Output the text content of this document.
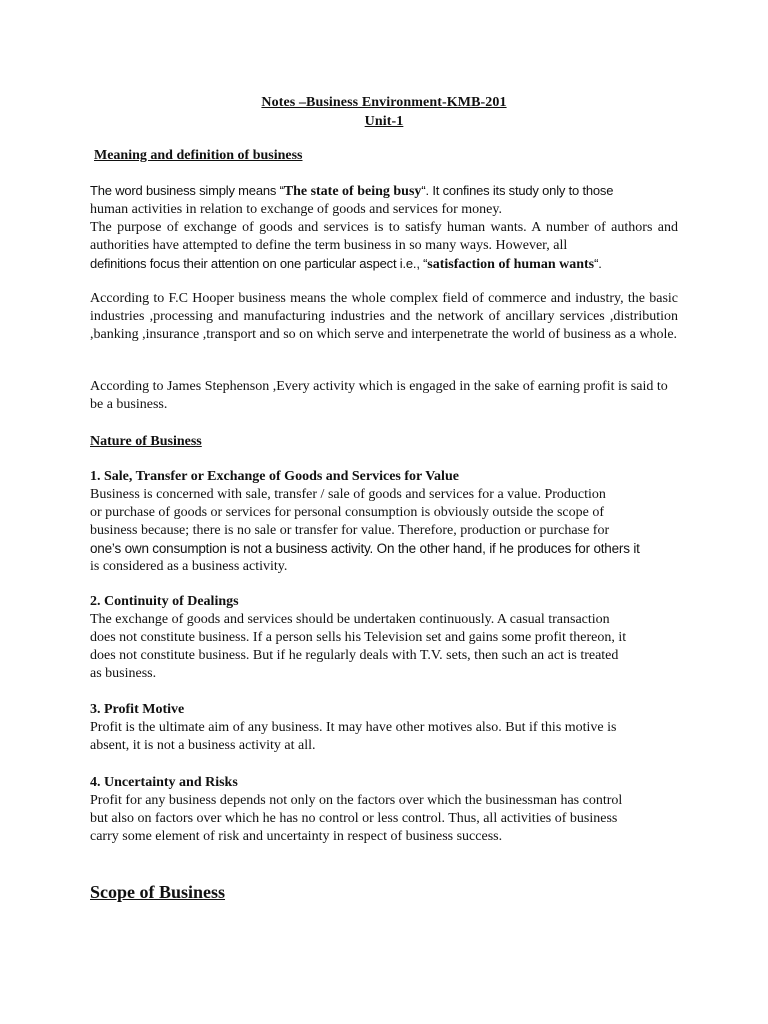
Notes –Business Environment-KMB-201
Unit-1
Meaning and definition of business

The word business simply means “The state of being busy“. It confines its study only to those

human activities in relation to exchange of goods and services for money.

The purpose of exchange of goods and services is to satisfy human wants. A number of authors and authorities have attempted to define the term business in so many ways. However, all

definitions focus their attention on one particular aspect i.e., “satisfaction of human wants“.

According to F.C Hooper business means the whole complex field of commerce and industry, the basic industries ,processing and manufacturing industries and the network of ancillary services ,distribution ,banking ,insurance ,transport and so on which serve and interpenetrate the world of business as a whole.
According to James Stephenson ,Every activity which is engaged in the sake of earning profit is said to be a business.
Nature of Business
1. Sale, Transfer or Exchange of Goods and Services for Value

Business is concerned with sale, transfer / sale of goods and services for a value. Production

or purchase of goods or services for personal consumption is obviously outside the scope of

business because; there is no sale or transfer for value. Therefore, production or purchase for

one’s own consumption is not a business activity. On the other hand, if he produces for others it

is considered as a business activity.

2. Continuity of Dealings

The exchange of goods and services should be undertaken continuously. A casual transaction

does not constitute business. If a person sells his Television set and gains some profit thereon, it

does not constitute business. But if he regularly deals with T.V. sets, then such an act is treated

as business.

3. Profit Motive

Profit is the ultimate aim of any business. It may have other motives also. But if this motive is

absent, it is not a business activity at all.

4. Uncertainty and Risks

Profit for any business depends not only on the factors over which the businessman has control

but also on factors over which he has no control or less control. Thus, all activities of business

carry some element of risk and uncertainty in respect of business success.

Scope of Business
